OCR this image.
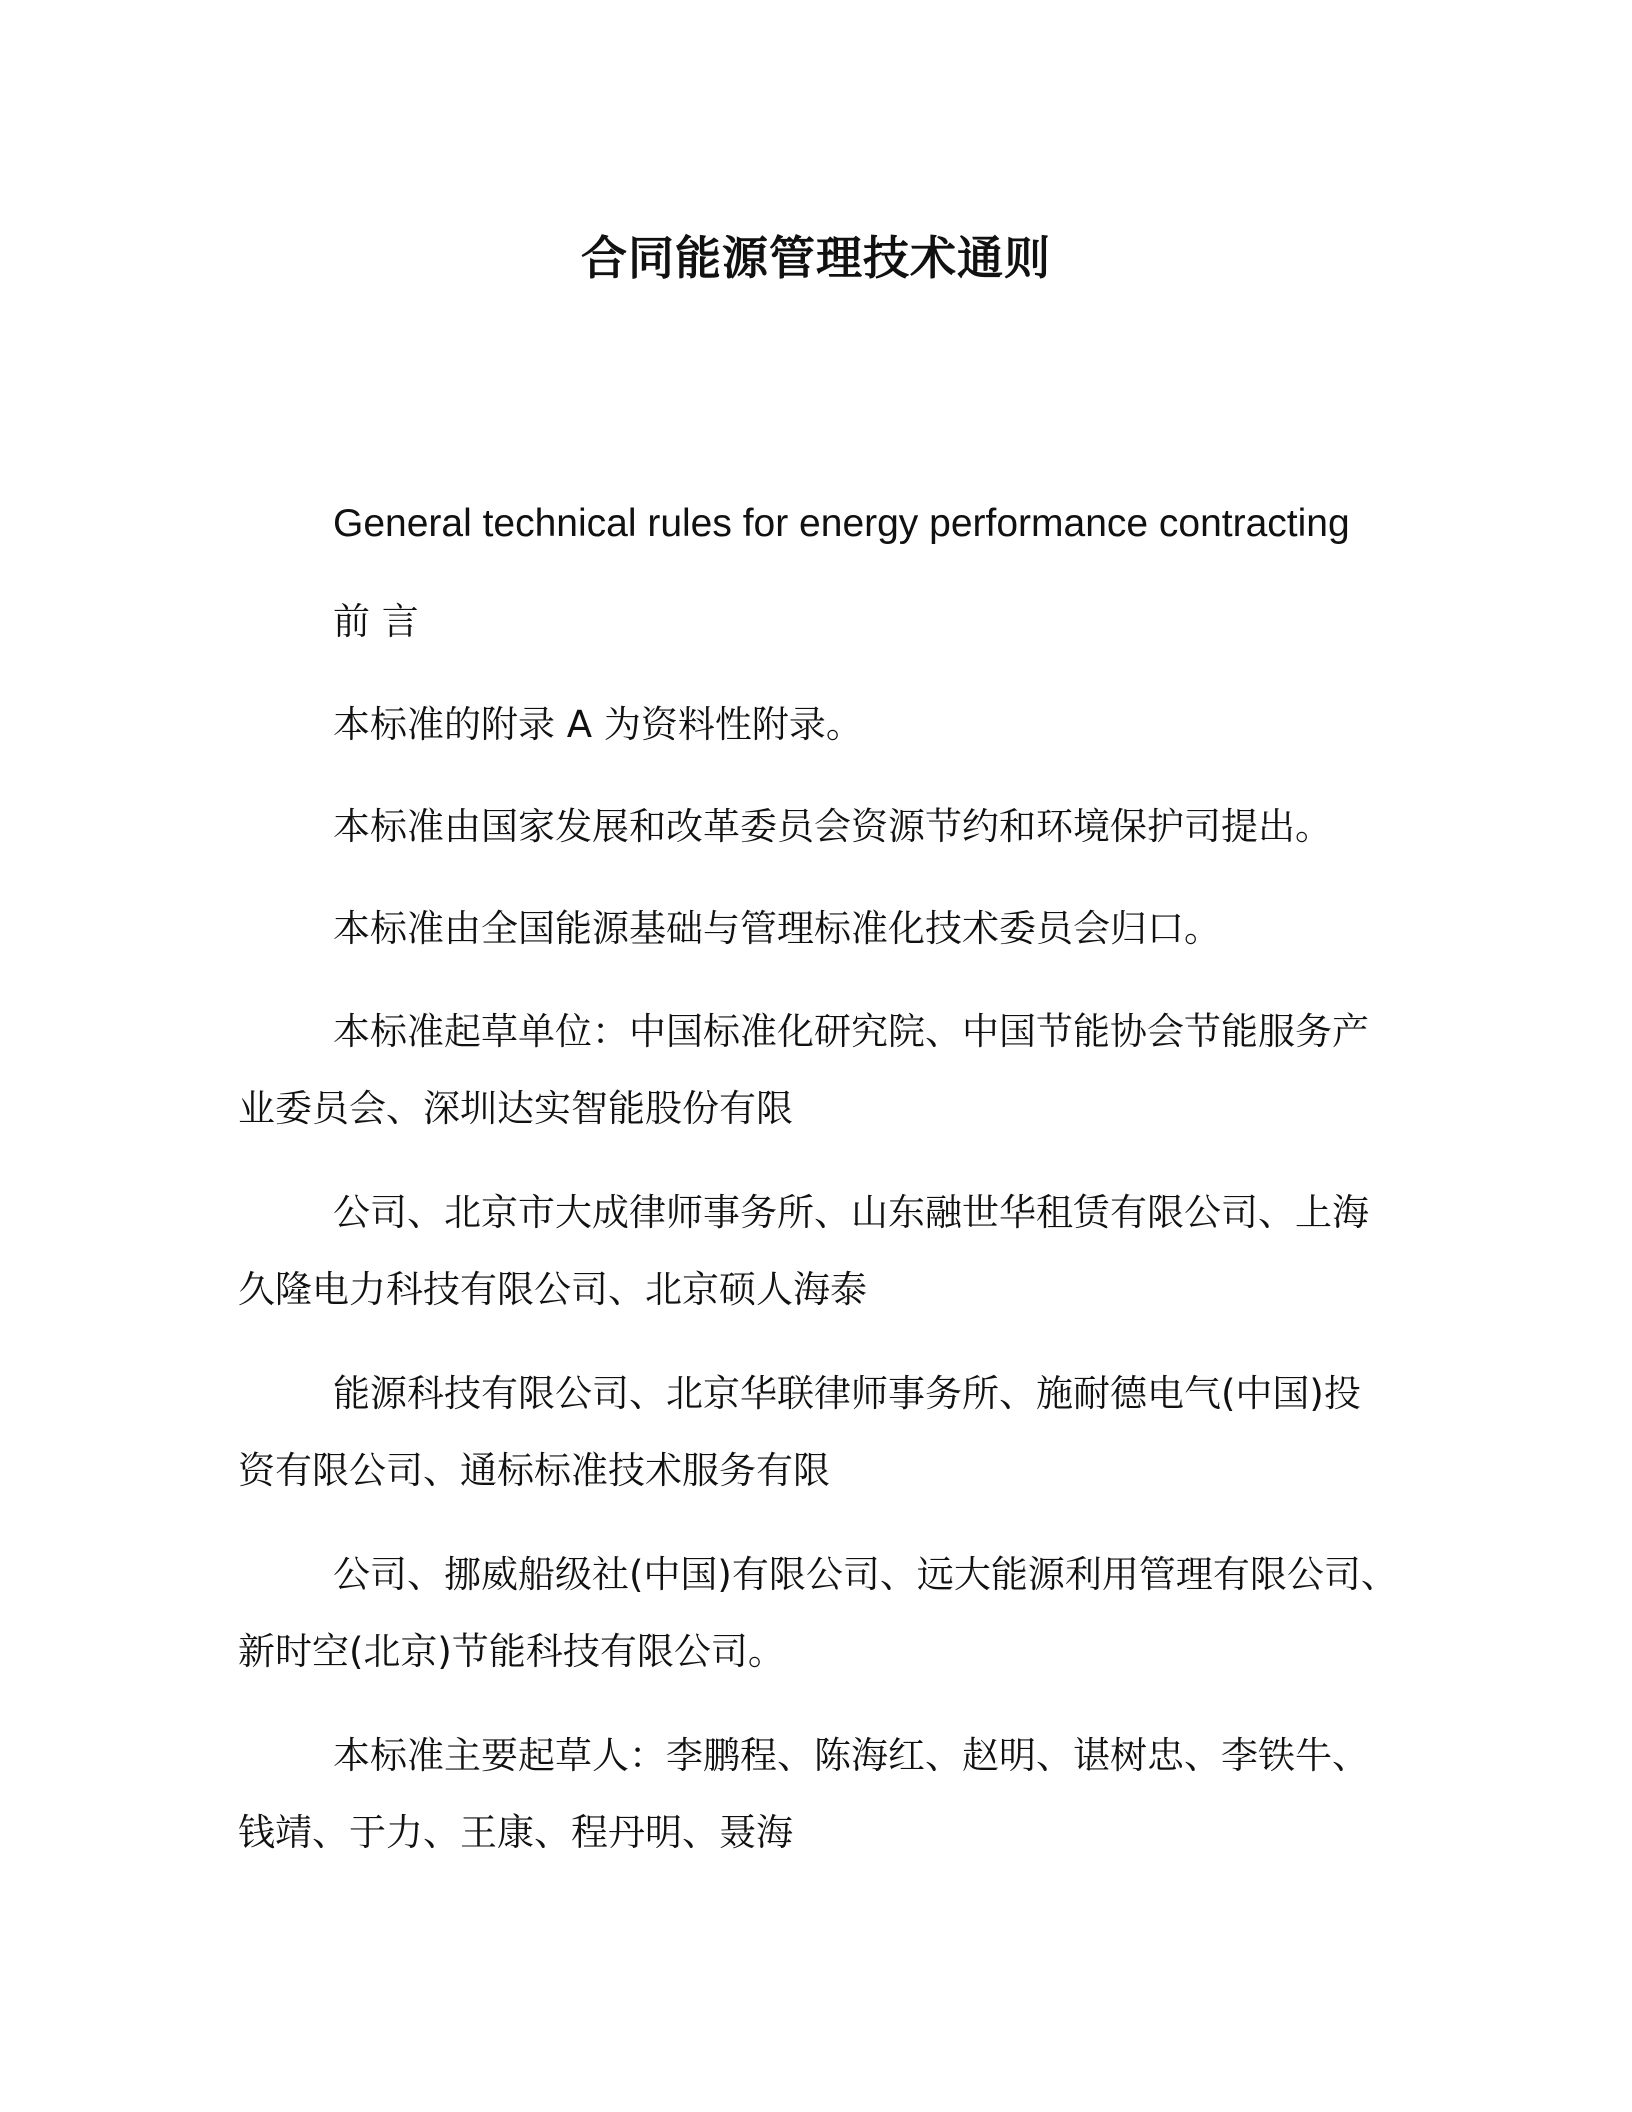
合同能源管理技术通则

General technical rules for energy performance contracting

前 言

本标准的附录 A 为资料性附录。

本标准由国家发展和改革委员会资源节约和环境保护司提出。

本标准由全国能源基础与管理标准化技术委员会归口。

本标准起草单位：中国标准化研究院、中国节能协会节能服务产

业委员会、深圳达实智能股份有限

公司、北京市大成律师事务所、山东融世华租赁有限公司、上海

久隆电力科技有限公司、北京硕人海泰

能源科技有限公司、北京华联律师事务所、施耐德电气(中国)投

资有限公司、通标标准技术服务有限

公司、挪威船级社(中国)有限公司、远大能源利用管理有限公司、

新时空(北京)节能科技有限公司。

本标准主要起草人：李鹏程、陈海红、赵明、谌树忠、李铁牛、

钱靖、于力、王康、程丹明、聂海
